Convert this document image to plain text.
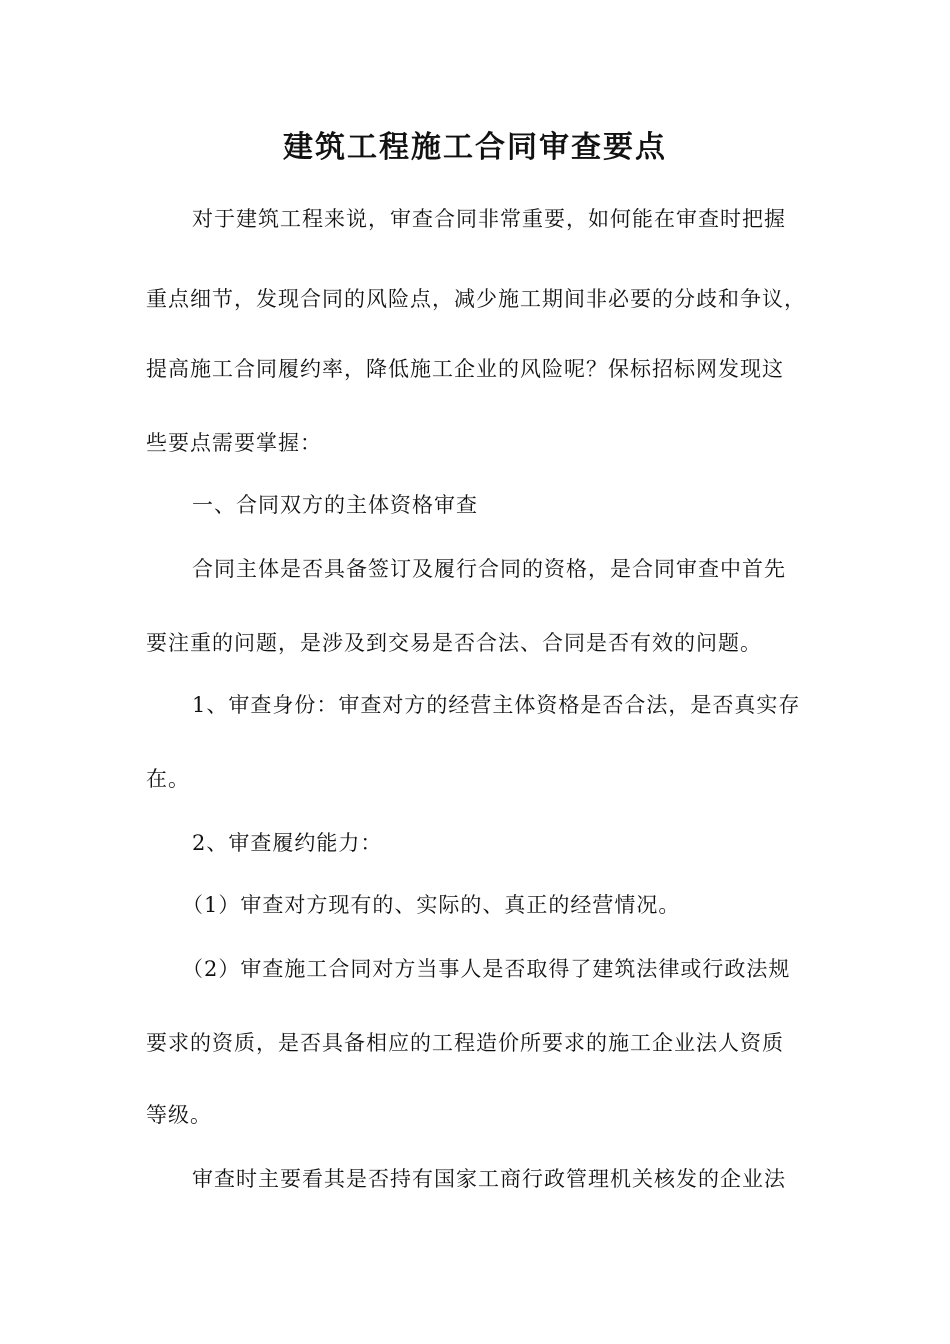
建筑工程施工合同审查要点
对于建筑工程来说，审查合同非常重要，如何能在审查时把握
重点细节，发现合同的风险点，减少施工期间非必要的分歧和争议，
提高施工合同履约率，降低施工企业的风险呢？保标招标网发现这
些要点需要掌握：
一、合同双方的主体资格审查
合同主体是否具备签订及履行合同的资格，是合同审查中首先
要注重的问题，是涉及到交易是否合法、合同是否有效的问题。
1、审查身份：审查对方的经营主体资格是否合法，是否真实存
在。
2、审查履约能力：
（1）审查对方现有的、实际的、真正的经营情况。
（2）审查施工合同对方当事人是否取得了建筑法律或行政法规
要求的资质，是否具备相应的工程造价所要求的施工企业法人资质
等级。
审查时主要看其是否持有国家工商行政管理机关核发的企业法
